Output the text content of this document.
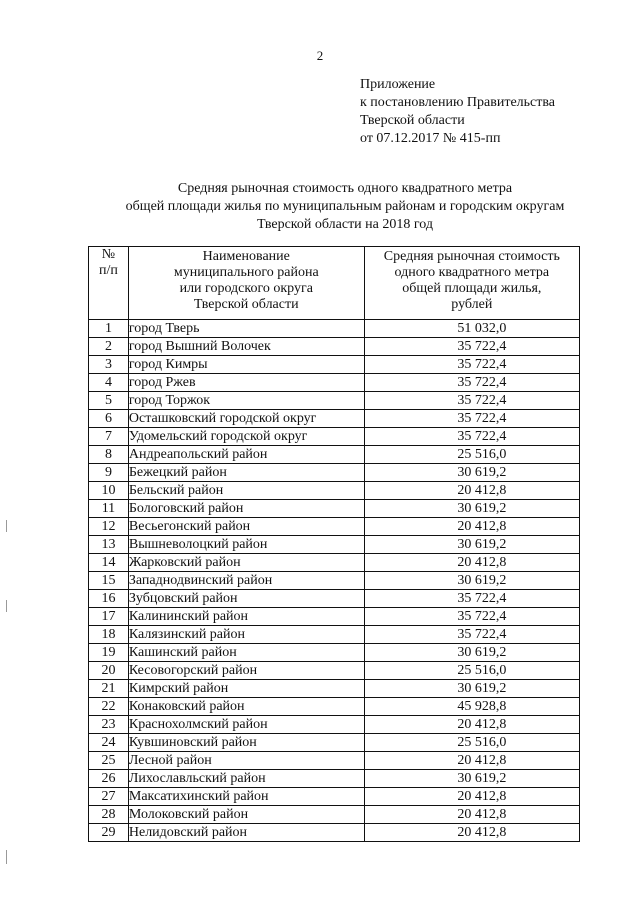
2
Приложение
к постановлению Правительства
Тверской области
от 07.12.2017 № 415-пп
Средняя рыночная стоимость одного квадратного метра
общей площади жилья по муниципальным районам и городским округам
Тверской области на 2018 год
№
п/п	Наименование
муниципального района
или городского округа
Тверской области	Средняя рыночная стоимость
одного квадратного метра
общей площади жилья,
рублей

1	город Тверь	51 032,0
2	город Вышний Волочек	35 722,4
3	город Кимры	35 722,4
4	город Ржев	35 722,4
5	город Торжок	35 722,4
6	Осташковский городской округ	35 722,4
7	Удомельский городской округ	35 722,4
8	Андреапольский район	25 516,0
9	Бежецкий район	30 619,2
10	Бельский район	20 412,8
11	Бологовский район	30 619,2
12	Весьегонский район	20 412,8
13	Вышневолоцкий район	30 619,2
14	Жарковский район	20 412,8
15	Западнодвинский район	30 619,2
16	Зубцовский район	35 722,4
17	Калининский район	35 722,4
18	Калязинский район	35 722,4
19	Кашинский район	30 619,2
20	Кесовогорский район	25 516,0
21	Кимрский район	30 619,2
22	Конаковский район	45 928,8
23	Краснохолмский район	20 412,8
24	Кувшиновский район	25 516,0
25	Лесной район	20 412,8
26	Лихославльский район	30 619,2
27	Максатихинский район	20 412,8
28	Молоковский район	20 412,8
29	Нелидовский район	20 412,8
